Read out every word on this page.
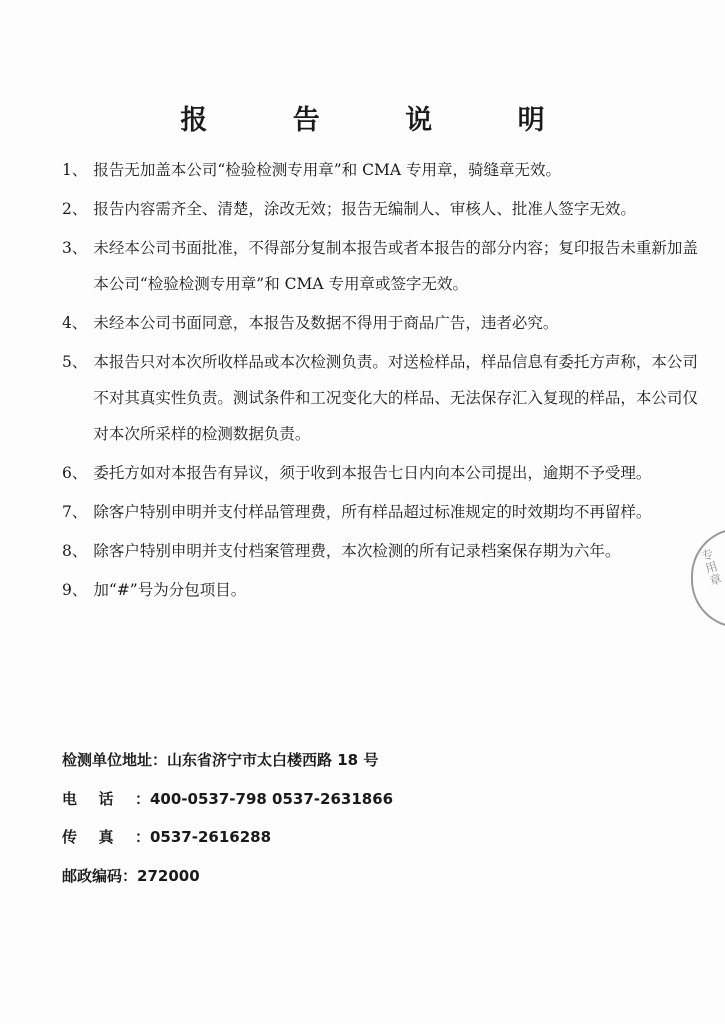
报 告 说 明
1、 报告无加盖本公司“检验检测专用章”和 CMA 专用章，骑缝章无效。
2、 报告内容需齐全、清楚，涂改无效；报告无编制人、审核人、批准人签字无效。
3、 未经本公司书面批准，不得部分复制本报告或者本报告的部分内容；复印报告未重新加盖本公司“检验检测专用章”和 CMA 专用章或签字无效。
4、 未经本公司书面同意，本报告及数据不得用于商品广告，违者必究。
5、 本报告只对本次所收样品或本次检测负责。对送检样品，样品信息有委托方声称，本公司不对其真实性负责。测试条件和工况变化大的样品、无法保存汇入复现的样品，本公司仅对本次所采样的检测数据负责。
6、 委托方如对本报告有异议，须于收到本报告七日内向本公司提出，逾期不予受理。
7、 除客户特别申明并支付样品管理费，所有样品超过标准规定的时效期均不再留样。
8、 除客户特别申明并支付档案管理费，本次检测的所有记录档案保存期为六年。
9、 加“#”号为分包项目。
检测单位地址： 山东省济宁市太白楼西路 18 号
电话： 400-0537-798 0537-2631866
传真： 0537-2616288
邮政编码： 272000
专用章
